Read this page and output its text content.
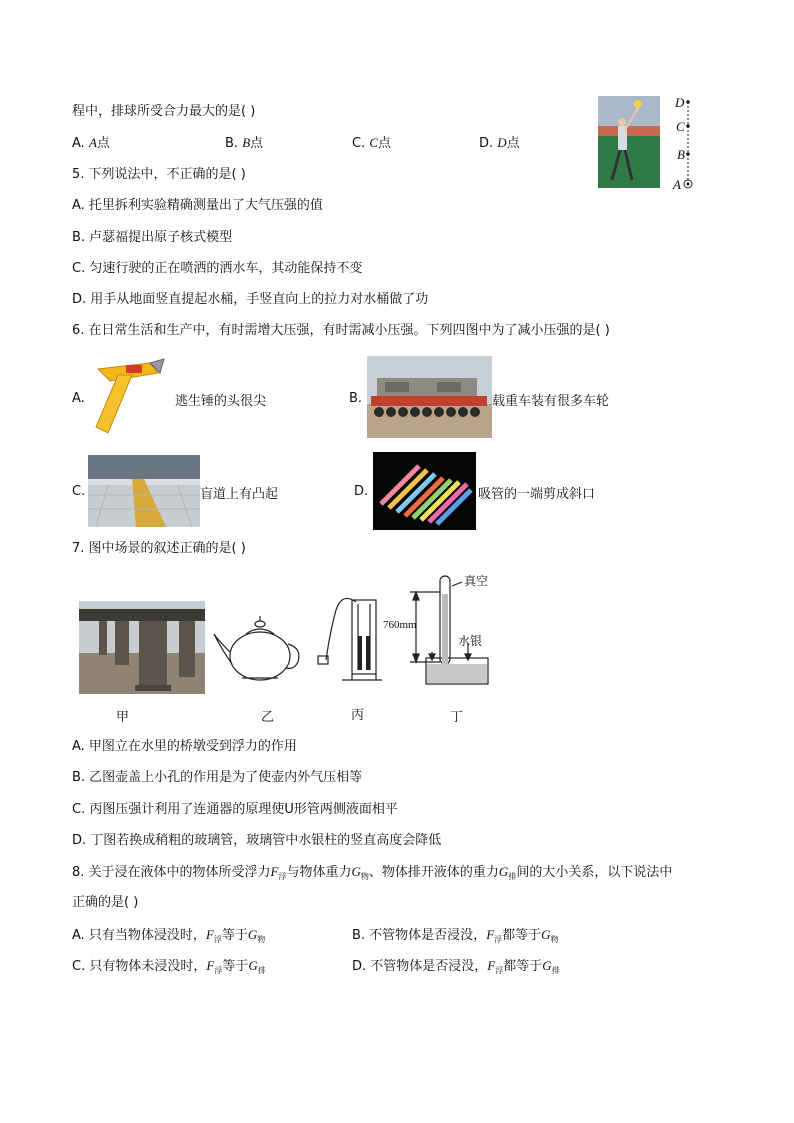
程中，排球所受合力最大的是( )
A. A点	B. B点	C. C点	D. D点
D
C
B
A
5. 下列说法中，不正确的是( )
A. 托里拆利实验精确测量出了大气压强的值
B. 卢瑟福提出原子核式模型
C. 匀速行驶的正在喷洒的洒水车，其动能保持不变
D. 用手从地面竖直提起水桶，手竖直向上的拉力对水桶做了功
6. 在日常生活和生产中，有时需增大压强，有时需减小压强。下列四图中为了减小压强的是( )
A.	逃生锤的头很尖	B.	载重车装有很多车轮
C.	盲道上有凸起	D.	吸管的一端剪成斜口
7. 图中场景的叙述正确的是( )
甲	乙	丙
真空
760mm
水银
丁
A. 甲图立在水里的桥墩受到浮力的作用
B. 乙图壶盖上小孔的作用是为了使壶内外气压相等
C. 丙图压强计利用了连通器的原理使U形管两侧液面相平
D. 丁图若换成稍粗的玻璃管，玻璃管中水银柱的竖直高度会降低
8. 关于浸在液体中的物体所受浮力$F_浮$与物体重力$G_物$、物体排开液体的重力$G_排$间的大小关系，以下说法中
正确的是( )
A. 只有当物体浸没时，$F_浮$等于$G_物$	B. 不管物体是否浸没，$F_浮$都等于$G_物$
C. 只有物体未浸没时，$F_浮$等于$G_排$	D. 不管物体是否浸没，$F_浮$都等于$G_排$
